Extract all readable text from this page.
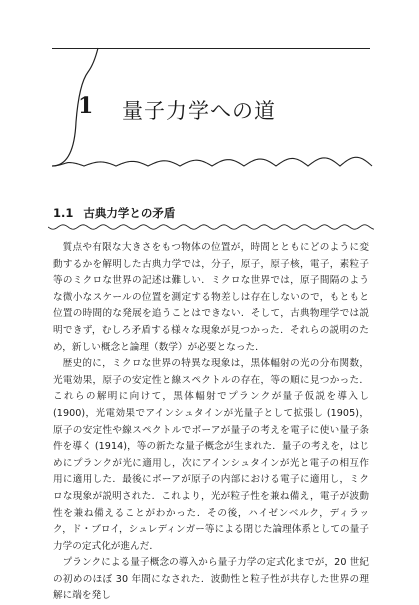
1 量子力学への道
1.1 古典力学との矛盾

質点や有限な大きさをもつ物体の位置が，時間とともにどのように変動するかを解明した古典力学では，分子，原子，原子核，電子，素粒子等のミクロな世界の記述は難しい．ミクロな世界では，原子間隔のような微小なスケールの位置を測定する物差しは存在しないので，もともと位置の時間的な発展を追うことはできない．そして，古典物理学では説明できず，むしろ矛盾する様々な現象が見つかった．それらの説明のため，新しい概念と論理（数学）が必要となった．

歴史的に，ミクロな世界の特異な現象は，黒体輻射の光の分布関数，光電効果，原子の安定性と線スペクトルの存在，等の順に見つかった．これらの解明に向けて，黒体輻射でプランクが量子仮説を導入し (1900)，光電効果でアインシュタインが光量子として拡張し (1905)，原子の安定性や線スペクトルでボーアが量子の考えを電子に使い量子条件を導く (1914)，等の新たな量子概念が生まれた．量子の考えを，はじめにプランクが光に適用し，次にアインシュタインが光と電子の相互作用に適用した．最後にボーアが原子の内部における電子に適用し，ミクロな現象が説明された．これより，光が粒子性を兼ね備え，電子が波動性を兼ね備えることがわかった．その後，ハイゼンベルク，ディラック，ド・ブロイ，シュレディンガー等による閉じた論理体系としての量子力学の定式化が進んだ．

プランクによる量子概念の導入から量子力学の定式化までが，20 世紀の初めのほぼ 30 年間になされた．波動性と粒子性が共存した世界の理解に端を発し
